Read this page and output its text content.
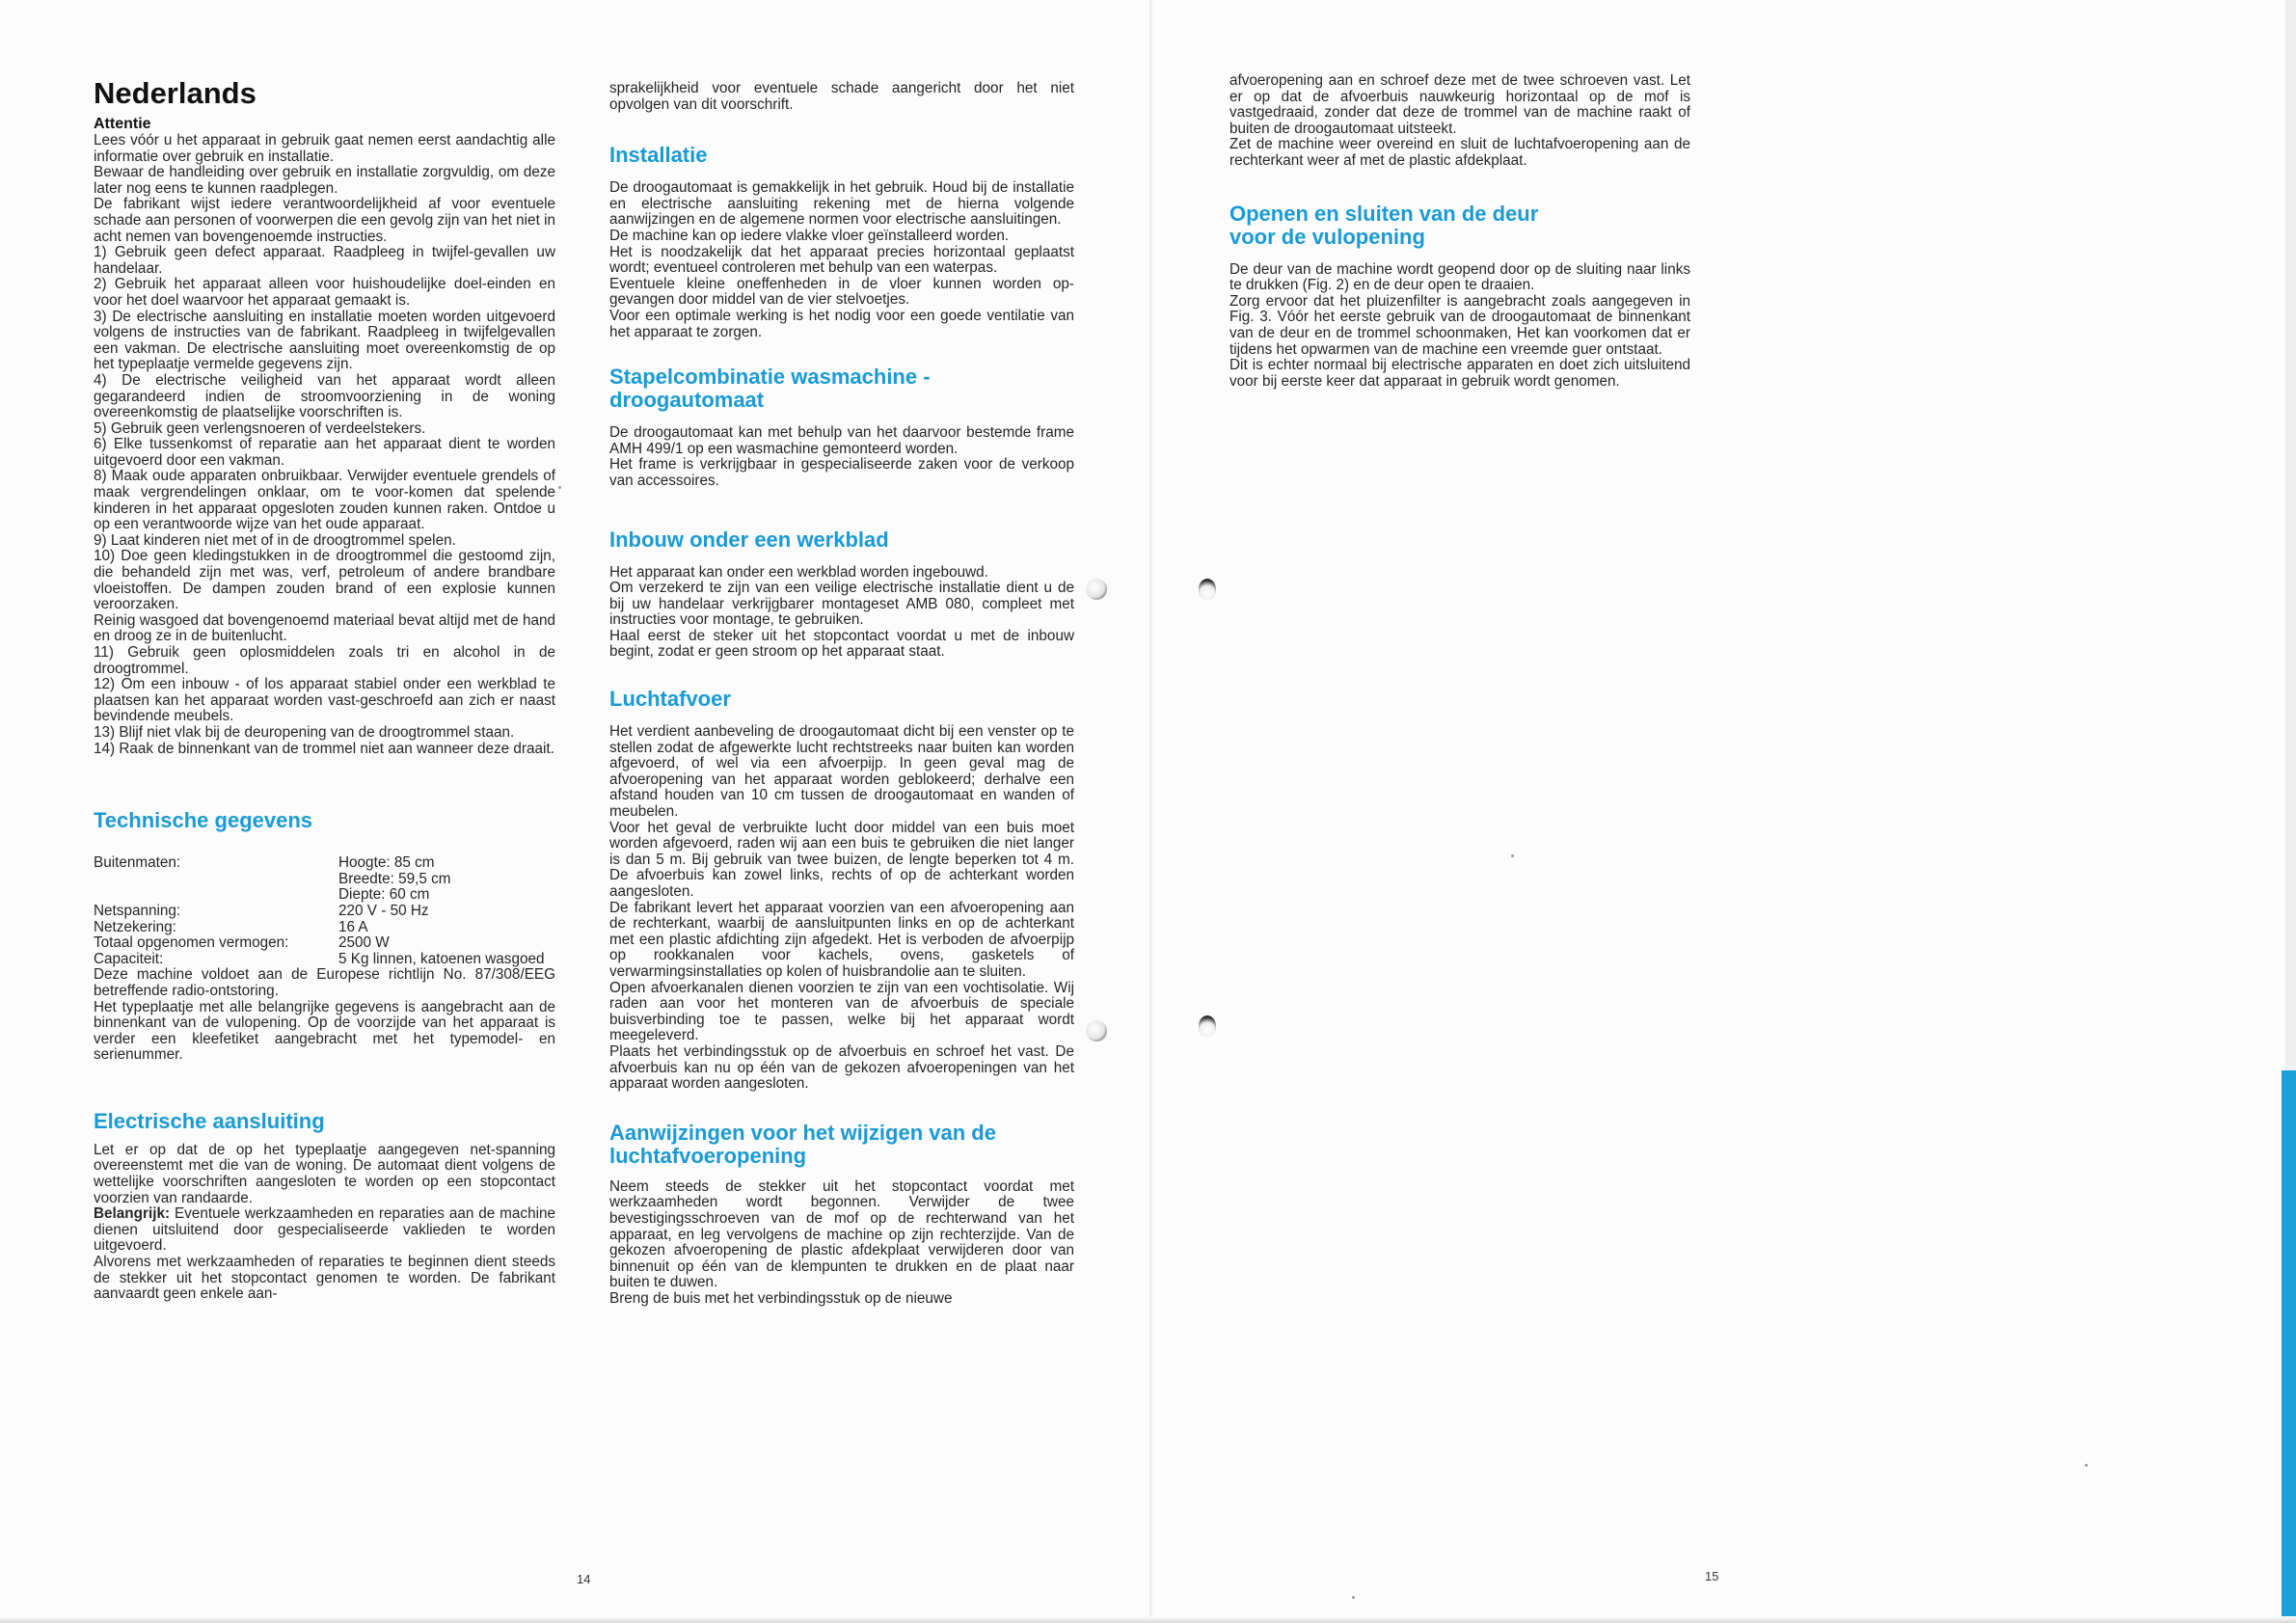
Nederlands

Attentie

Lees vóór u het apparaat in gebruik gaat nemen eerst aandachtig alle informatie over gebruik en installatie.
Bewaar de handleiding over gebruik en installatie zorgvuldig, om deze later nog eens te kunnen raadplegen.
De fabrikant wijst iedere verantwoordelijkheid af voor eventuele schade aan personen of voorwerpen die een gevolg zijn van het niet in acht nemen van bovengenoemde instructies.
1) Gebruik geen defect apparaat. Raadpleeg in twijfel-gevallen uw handelaar.
2) Gebruik het apparaat alleen voor huishoudelijke doel-einden en voor het doel waarvoor het apparaat gemaakt is.
3) De electrische aansluiting en installatie moeten worden uitgevoerd volgens de instructies van de fabrikant. Raadpleeg in twijfelgevallen een vakman. De electrische aansluiting moet overeenkomstig de op het typeplaatje vermelde gegevens zijn.
4) De electrische veiligheid van het apparaat wordt alleen gegarandeerd indien de stroomvoorziening in de woning overeenkomstig de plaatselijke voorschriften is.
5) Gebruik geen verlengsnoeren of verdeelstekers.
6) Elke tussenkomst of reparatie aan het apparaat dient te worden uitgevoerd door een vakman.
8) Maak oude apparaten onbruikbaar. Verwijder eventuele grendels of maak vergrendelingen onklaar, om te voor-komen dat spelende kinderen in het apparaat opgesloten zouden kunnen raken. Ontdoe u op een verantwoorde wijze van het oude apparaat.
9) Laat kinderen niet met of in de droogtrommel spelen.
10) Doe geen kledingstukken in de droogtrommel die gestoomd zijn, die behandeld zijn met was, verf, petroleum of andere brandbare vloeistoffen. De dampen zouden brand of een explosie kunnen veroorzaken.
Reinig wasgoed dat bovengenoemd materiaal bevat altijd met de hand en droog ze in de buitenlucht.
11) Gebruik geen oplosmiddelen zoals tri en alcohol in de droogtrommel.
12) Om een inbouw - of los apparaat stabiel onder een werkblad te plaatsen kan het apparaat worden vast-geschroefd aan zich er naast bevindende meubels.
13) Blijf niet vlak bij de deuropening van de droogtrommel staan.
14) Raak de binnenkant van de trommel niet aan wanneer deze draait.

Technische gegevens
Buitenmaten:	Hoogte: 85 cm
Breedte: 59,5 cm
Diepte: 60 cm
Netspanning:	220 V - 50 Hz
Netzekering:	16 A
Totaal opgenomen vermogen:	2500 W
Capaciteit:	5 Kg linnen, katoenen wasgoed

Deze machine voldoet aan de Europese richtlijn No. 87/308/EEG betreffende radio-ontstoring.
Het typeplaatje met alle belangrijke gegevens is aangebracht aan de binnenkant van de vulopening. Op de voorzijde van het apparaat is verder een kleefetiket aangebracht met het typemodel- en serienummer.

Electrische aansluiting

Let er op dat de op het typeplaatje aangegeven net-spanning overeenstemt met die van de woning. De automaat dient volgens de wettelijke voorschriften aangesloten te worden op een stopcontact voorzien van randaarde.

Belangrijk: Eventuele werkzaamheden en reparaties aan de machine dienen uitsluitend door gespecialiseerde vaklieden te worden uitgevoerd.
Alvorens met werkzaamheden of reparaties te beginnen dient steeds de stekker uit het stopcontact genomen te worden. De fabrikant aanvaardt geen enkele aan-

sprakelijkheid voor eventuele schade aangericht door het niet opvolgen van dit voorschrift.

Installatie

De droogautomaat is gemakkelijk in het gebruik. Houd bij de installatie en electrische aansluiting rekening met de hierna volgende aanwijzingen en de algemene normen voor electrische aansluitingen.
De machine kan op iedere vlakke vloer geïnstalleerd worden.
Het is noodzakelijk dat het apparaat precies horizontaal geplaatst wordt; eventueel controleren met behulp van een waterpas.
Eventuele kleine oneffenheden in de vloer kunnen worden op-gevangen door middel van de vier stelvoetjes.
Voor een optimale werking is het nodig voor een goede ventilatie van het apparaat te zorgen.

Stapelcombinatie wasmachine -
droogautomaat

De droogautomaat kan met behulp van het daarvoor bestemde frame AMH 499/1 op een wasmachine gemonteerd worden.
Het frame is verkrijgbaar in gespecialiseerde zaken voor de verkoop van accessoires.

Inbouw onder een werkblad

Het apparaat kan onder een werkblad worden ingebouwd.
Om verzekerd te zijn van een veilige electrische installatie dient u de bij uw handelaar verkrijgbarer montageset AMB 080, compleet met instructies voor montage, te gebruiken.
Haal eerst de steker uit het stopcontact voordat u met de inbouw begint, zodat er geen stroom op het apparaat staat.

Luchtafvoer

Het verdient aanbeveling de droogautomaat dicht bij een venster op te stellen zodat de afgewerkte lucht rechtstreeks naar buiten kan worden afgevoerd, of wel via een afvoerpijp. In geen geval mag de afvoeropening van het apparaat worden geblokeerd; derhalve een afstand houden van 10 cm tussen de droogautomaat en wanden of meubelen.
Voor het geval de verbruikte lucht door middel van een buis moet worden afgevoerd, raden wij aan een buis te gebruiken die niet langer is dan 5 m. Bij gebruik van twee buizen, de lengte beperken tot 4 m. De afvoerbuis kan zowel links, rechts of op de achterkant worden aangesloten.
De fabrikant levert het apparaat voorzien van een afvoeropening aan de rechterkant, waarbij de aansluitpunten links en op de achterkant met een plastic afdichting zijn afgedekt. Het is verboden de afvoerpijp op rookkanalen voor kachels, ovens, gasketels of verwarmingsinstallaties op kolen of huisbrandolie aan te sluiten.
Open afvoerkanalen dienen voorzien te zijn van een vochtisolatie. Wij raden aan voor het monteren van de afvoerbuis de speciale buisverbinding toe te passen, welke bij het apparaat wordt meegeleverd.
Plaats het verbindingsstuk op de afvoerbuis en schroef het vast. De afvoerbuis kan nu op één van de gekozen afvoeropeningen van het apparaat worden aangesloten.

Aanwijzingen voor het wijzigen van de
luchtafvoeropening

Neem steeds de stekker uit het stopcontact voordat met werkzaamheden wordt begonnen. Verwijder de twee bevestigingsschroeven van de mof op de rechterwand van het apparaat, en leg vervolgens de machine op zijn rechterzijde. Van de gekozen afvoeropening de plastic afdekplaat verwijderen door van binnenuit op één van de klempunten te drukken en de plaat naar buiten te duwen.
Breng de buis met het verbindingsstuk op de nieuwe

afvoeropening aan en schroef deze met de twee schroeven vast. Let er op dat de afvoerbuis nauwkeurig horizontaal op de mof is vastgedraaid, zonder dat deze de trommel van de machine raakt of buiten de droogautomaat uitsteekt.
Zet de machine weer overeind en sluit de luchtafvoeropening aan de rechterkant weer af met de plastic afdekplaat.

Openen en sluiten van de deur
voor de vulopening

De deur van de machine wordt geopend door op de sluiting naar links te drukken (Fig. 2) en de deur open te draaien.
Zorg ervoor dat het pluizenfilter is aangebracht zoals aangegeven in Fig. 3. Vóór het eerste gebruik van de droogautomaat de binnenkant van de deur en de trommel schoonmaken, Het kan voorkomen dat er tijdens het opwarmen van de machine een vreemde guer ontstaat.
Dit is echter normaal bij electrische apparaten en doet zich uitsluitend voor bij eerste keer dat apparaat in gebruik wordt genomen.

14	15
